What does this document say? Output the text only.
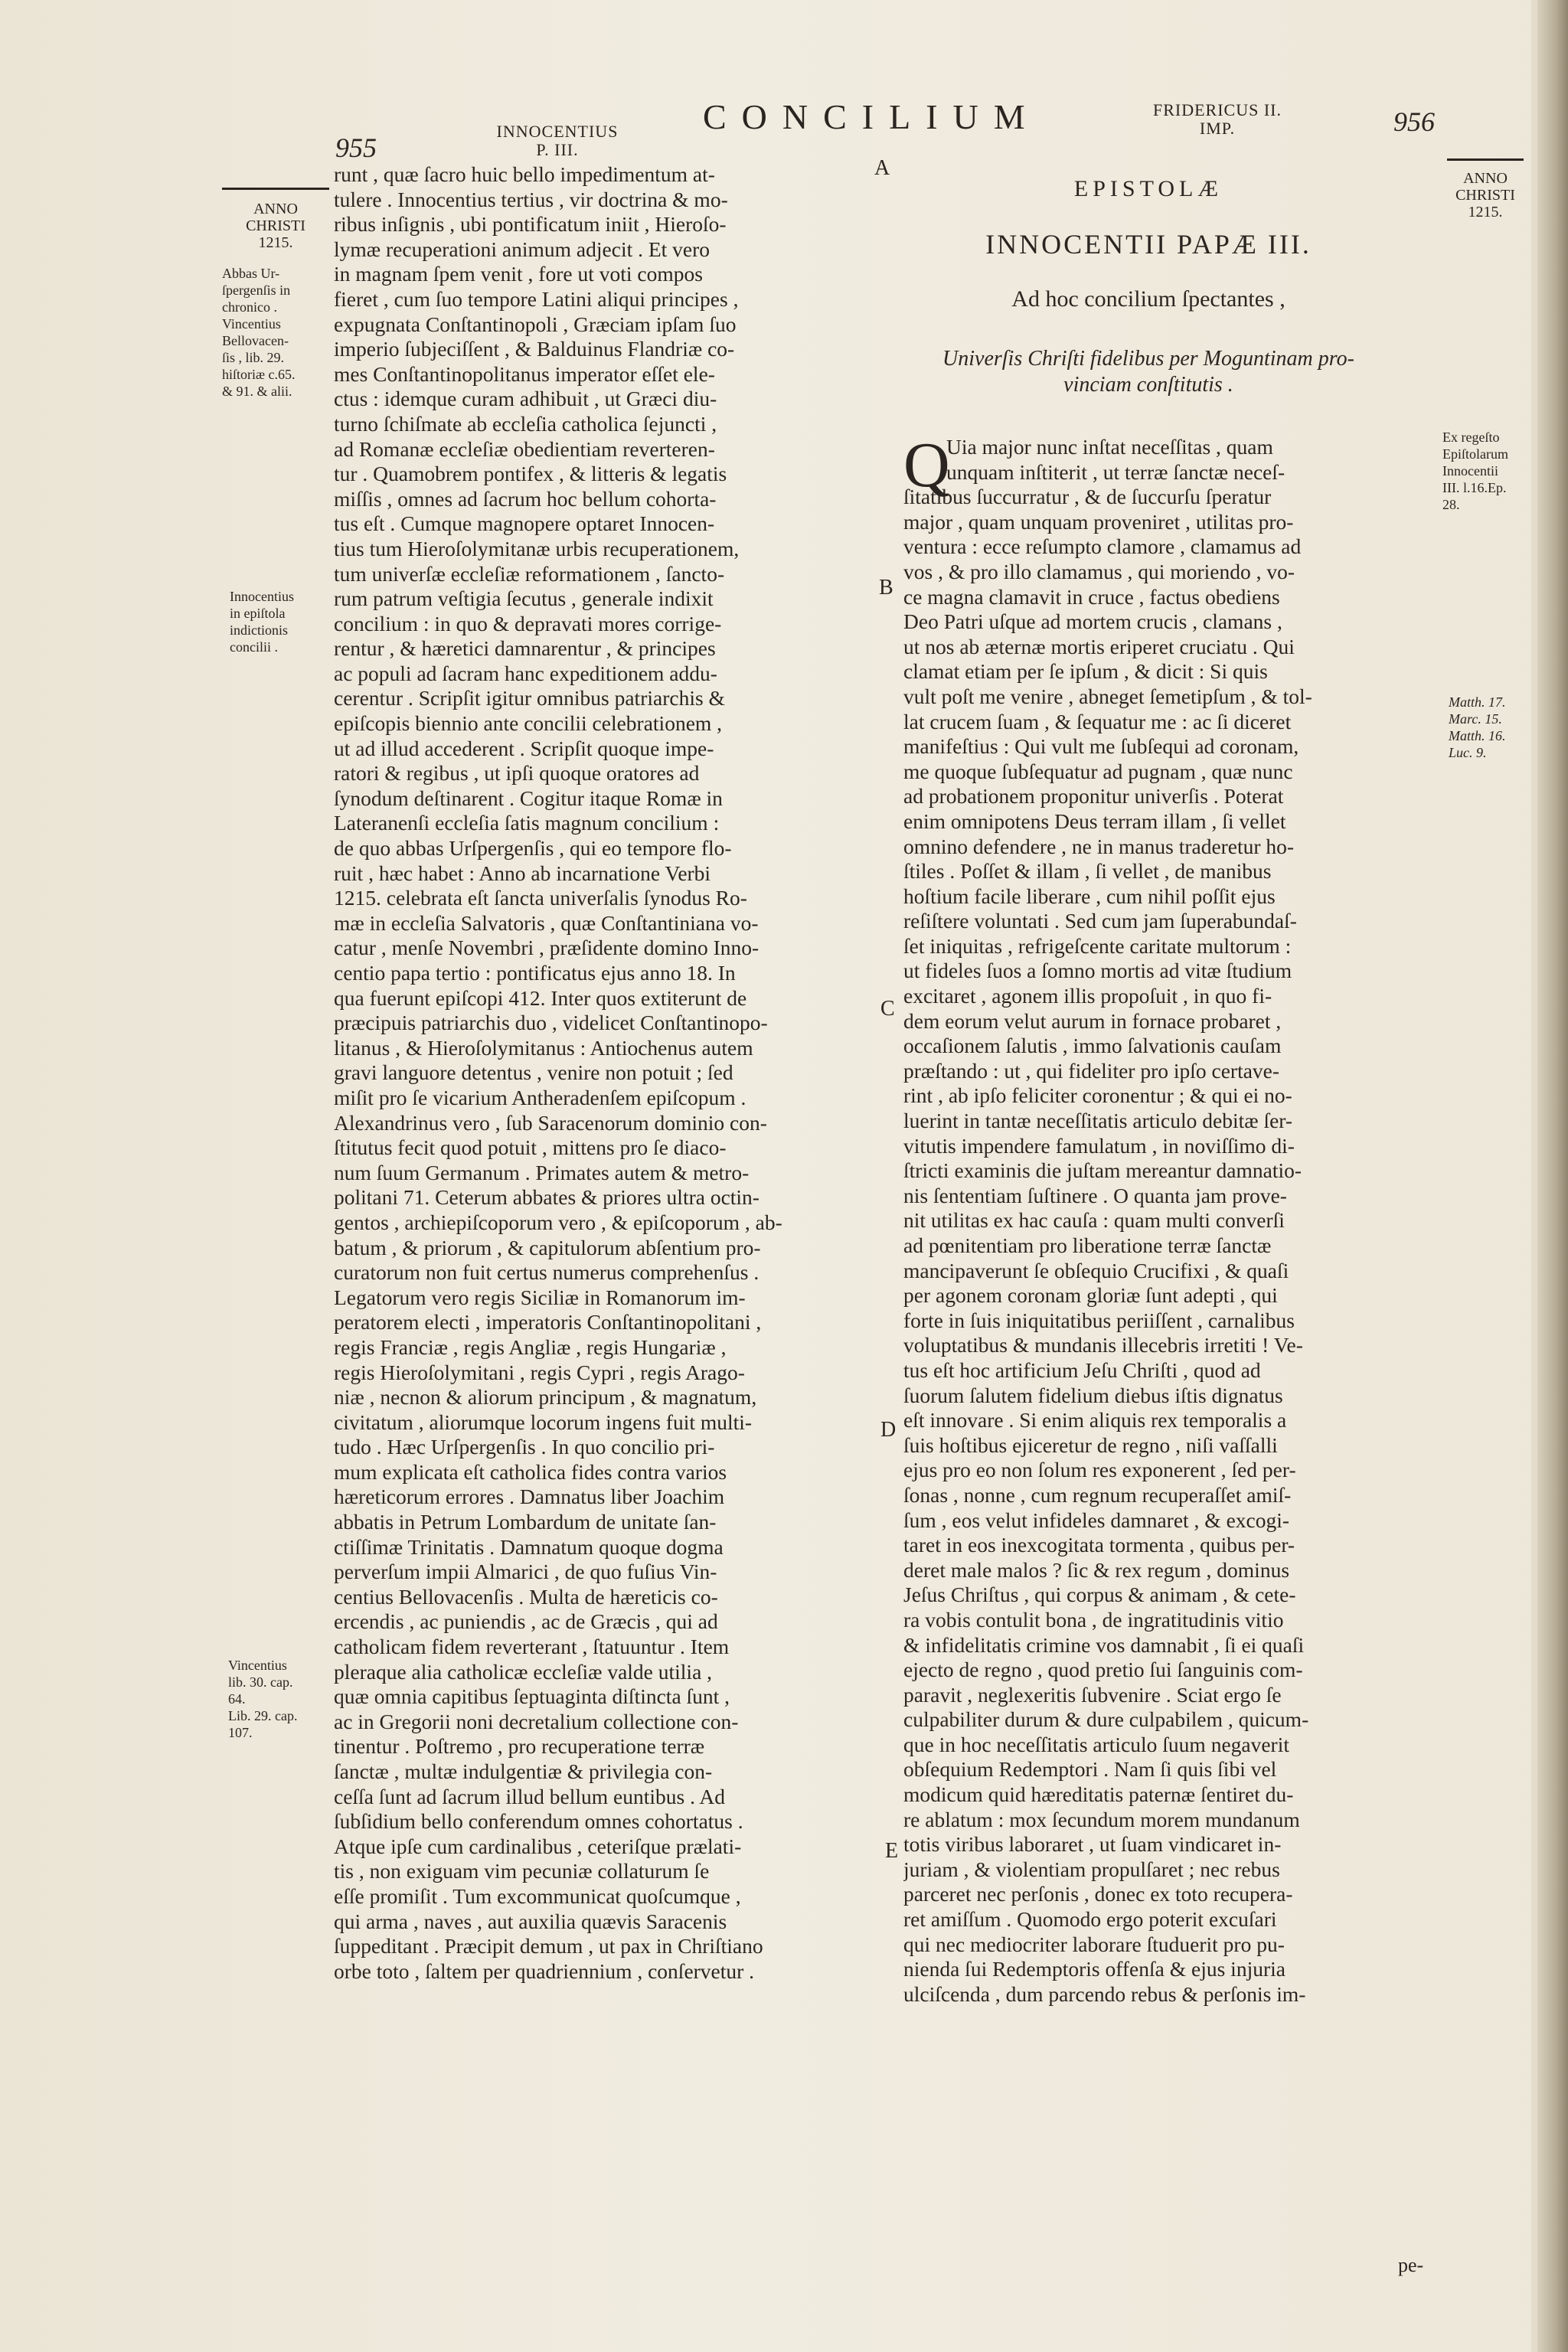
955
INNOCENTIUS
P. III.
CONCILIUM	FRIDERICUS II.
IMP.	956
ANNO
CHRISTI
1215.
Abbas Ur-
ſpergenſis in
chronico .
Vincentius
Bellovacen-
ſis , lib. 29.
hiſtoriæ c.65.
& 91. & alii.
Innocentius
in epiſtola
indictionis
concilii .
Vincentius
lib. 30. cap.
64.
Lib. 29. cap.
107.
A
B
C
D
E
runt , quæ ſacro huic bello impedimentum at-
tulere . Innocentius tertius , vir doctrina & mo-
ribus inſignis , ubi pontificatum iniit , Hieroſo-
lymæ recuperationi animum adjecit . Et vero
in magnam ſpem venit , fore ut voti compos
fieret , cum ſuo tempore Latini aliqui principes ,
expugnata Conſtantinopoli , Græciam ipſam ſuo
imperio ſubjeciſſent , & Balduinus Flandriæ co-
mes Conſtantinopolitanus imperator eſſet ele-
ctus : idemque curam adhibuit , ut Græci diu-
turno ſchiſmate ab eccleſia catholica ſejuncti ,
ad Romanæ eccleſiæ obedientiam reverteren-
tur . Quamobrem pontifex , & litteris & legatis
miſſis , omnes ad ſacrum hoc bellum cohorta-
tus eſt . Cumque magnopere optaret Innocen-
tius tum Hieroſolymitanæ urbis recuperationem,
tum univerſæ eccleſiæ reformationem , ſancto-
rum patrum veſtigia ſecutus , generale indixit
concilium : in quo & depravati mores corrige-
rentur , & hæretici damnarentur , & principes
ac populi ad ſacram hanc expeditionem addu-
cerentur . Scripſit igitur omnibus patriarchis &
epiſcopis biennio ante concilii celebrationem ,
ut ad illud accederent . Scripſit quoque impe-
ratori & regibus , ut ipſi quoque oratores ad
ſynodum deſtinarent . Cogitur itaque Romæ in
Lateranenſi eccleſia ſatis magnum concilium :
de quo abbas Urſpergenſis , qui eo tempore flo-
ruit , hæc habet : Anno ab incarnatione Verbi
1215. celebrata eſt ſancta univerſalis ſynodus Ro-
mæ in eccleſia Salvatoris , quæ Conſtantiniana vo-
catur , menſe Novembri , præſidente domino Inno-
centio papa tertio : pontificatus ejus anno 18. In
qua fuerunt epiſcopi 412. Inter quos extiterunt de
præcipuis patriarchis duo , videlicet Conſtantinopo-
litanus , & Hieroſolymitanus : Antiochenus autem
gravi languore detentus , venire non potuit ; ſed
miſit pro ſe vicarium Antheradenſem epiſcopum .
Alexandrinus vero , ſub Saracenorum dominio con-
ſtitutus fecit quod potuit , mittens pro ſe diaco-
num ſuum Germanum . Primates autem & metro-
politani 71. Ceterum abbates & priores ultra octin-
gentos , archiepiſcoporum vero , & epiſcoporum , ab-
batum , & priorum , & capitulorum abſentium pro-
curatorum non fuit certus numerus comprehenſus .
Legatorum vero regis Siciliæ in Romanorum im-
peratorem electi , imperatoris Conſtantinopolitani ,
regis Franciæ , regis Angliæ , regis Hungariæ ,
regis Hieroſolymitani , regis Cypri , regis Arago-
niæ , necnon & aliorum principum , & magnatum,
civitatum , aliorumque locorum ingens fuit multi-
tudo . Hæc Urſpergenſis . In quo concilio pri-
mum explicata eſt catholica fides contra varios
hæreticorum errores . Damnatus liber Joachim
abbatis in Petrum Lombardum de unitate ſan-
ctiſſimæ Trinitatis . Damnatum quoque dogma
perverſum impii Almarici , de quo fuſius Vin-
centius Bellovacenſis . Multa de hæreticis co-
ercendis , ac puniendis , ac de Græcis , qui ad
catholicam fidem reverterant , ſtatuuntur . Item
pleraque alia catholicæ eccleſiæ valde utilia ,
quæ omnia capitibus ſeptuaginta diſtincta ſunt ,
ac in Gregorii noni decretalium collectione con-
tinentur . Poſtremo , pro recuperatione terræ
ſanctæ , multæ indulgentiæ & privilegia con-
ceſſa ſunt ad ſacrum illud bellum euntibus . Ad
ſubſidium bello conferendum omnes cohortatus .
Atque ipſe cum cardinalibus , ceteriſque prælati-
tis , non exiguam vim pecuniæ collaturum ſe
eſſe promiſit . Tum excommunicat quoſcumque ,
qui arma , naves , aut auxilia quævis Saracenis
ſuppeditant . Præcipit demum , ut pax in Chriſtiano
orbe toto , ſaltem per quadriennium , conſervetur .
EPISTOLÆ
INNOCENTII PAPÆ III.
Ad hoc concilium ſpectantes ,
Univerſis Chriſti fidelibus per Moguntinam pro-
vinciam conſtitutis .
ANNO
CHRISTI
1215.
Ex regeſto
Epiſtolarum
Innocentii
III. l.16.Ep.
28.
Matth. 17.
Marc. 15.
Matth. 16.
Luc. 9.
Q
Uia major nunc inſtat neceſſitas , quam
unquam inſtiterit , ut terræ ſanctæ neceſ-
ſitatibus ſuccurratur , & de ſuccurſu ſperatur
major , quam unquam proveniret , utilitas pro-
ventura : ecce reſumpto clamore , clamamus ad
vos , & pro illo clamamus , qui moriendo , vo-
ce magna clamavit in cruce , factus obediens
Deo Patri uſque ad mortem crucis , clamans ,
ut nos ab æternæ mortis eriperet cruciatu . Qui
clamat etiam per ſe ipſum , & dicit : Si quis
vult poſt me venire , abneget ſemetipſum , & tol-
lat crucem ſuam , & ſequatur me : ac ſi diceret
manifeſtius : Qui vult me ſubſequi ad coronam,
me quoque ſubſequatur ad pugnam , quæ nunc
ad probationem proponitur univerſis . Poterat
enim omnipotens Deus terram illam , ſi vellet
omnino defendere , ne in manus traderetur ho-
ſtiles . Poſſet & illam , ſi vellet , de manibus
hoſtium facile liberare , cum nihil poſſit ejus
reſiſtere voluntati . Sed cum jam ſuperabundaſ-
ſet iniquitas , refrigeſcente caritate multorum :
ut fideles ſuos a ſomno mortis ad vitæ ſtudium
excitaret , agonem illis propoſuit , in quo fi-
dem eorum velut aurum in fornace probaret ,
occaſionem ſalutis , immo ſalvationis cauſam
præſtando : ut , qui fideliter pro ipſo certave-
rint , ab ipſo feliciter coronentur ; & qui ei no-
luerint in tantæ neceſſitatis articulo debitæ ſer-
vitutis impendere famulatum , in noviſſimo di-
ſtricti examinis die juſtam mereantur damnatio-
nis ſententiam ſuſtinere . O quanta jam prove-
nit utilitas ex hac cauſa : quam multi converſi
ad pœnitentiam pro liberatione terræ ſanctæ
mancipaverunt ſe obſequio Crucifixi , & quaſi
per agonem coronam gloriæ ſunt adepti , qui
forte in ſuis iniquitatibus periiſſent , carnalibus
voluptatibus & mundanis illecebris irretiti ! Ve-
tus eſt hoc artificium Jeſu Chriſti , quod ad
ſuorum ſalutem fidelium diebus iſtis dignatus
eſt innovare . Si enim aliquis rex temporalis a
ſuis hoſtibus ejiceretur de regno , niſi vaſſalli
ejus pro eo non ſolum res exponerent , ſed per-
ſonas , nonne , cum regnum recuperaſſet amiſ-
ſum , eos velut infideles damnaret , & excogi-
taret in eos inexcogitata tormenta , quibus per-
deret male malos ? ſic & rex regum , dominus
Jeſus Chriſtus , qui corpus & animam , & cete-
ra vobis contulit bona , de ingratitudinis vitio
& infidelitatis crimine vos damnabit , ſi ei quaſi
ejecto de regno , quod pretio ſui ſanguinis com-
paravit , neglexeritis ſubvenire . Sciat ergo ſe
culpabiliter durum & dure culpabilem , quicum-
que in hoc neceſſitatis articulo ſuum negaverit
obſequium Redemptori . Nam ſi quis ſibi vel
modicum quid hæreditatis paternæ ſentiret du-
re ablatum : mox ſecundum morem mundanum
totis viribus laboraret , ut ſuam vindicaret in-
juriam , & violentiam propulſaret ; nec rebus
parceret nec perſonis , donec ex toto recupera-
ret amiſſum . Quomodo ergo poterit excuſari
qui nec mediocriter laborare ſtuduerit pro pu-
nienda ſui Redemptoris offenſa & ejus injuria
ulciſcenda , dum parcendo rebus & perſonis im-
pe-
